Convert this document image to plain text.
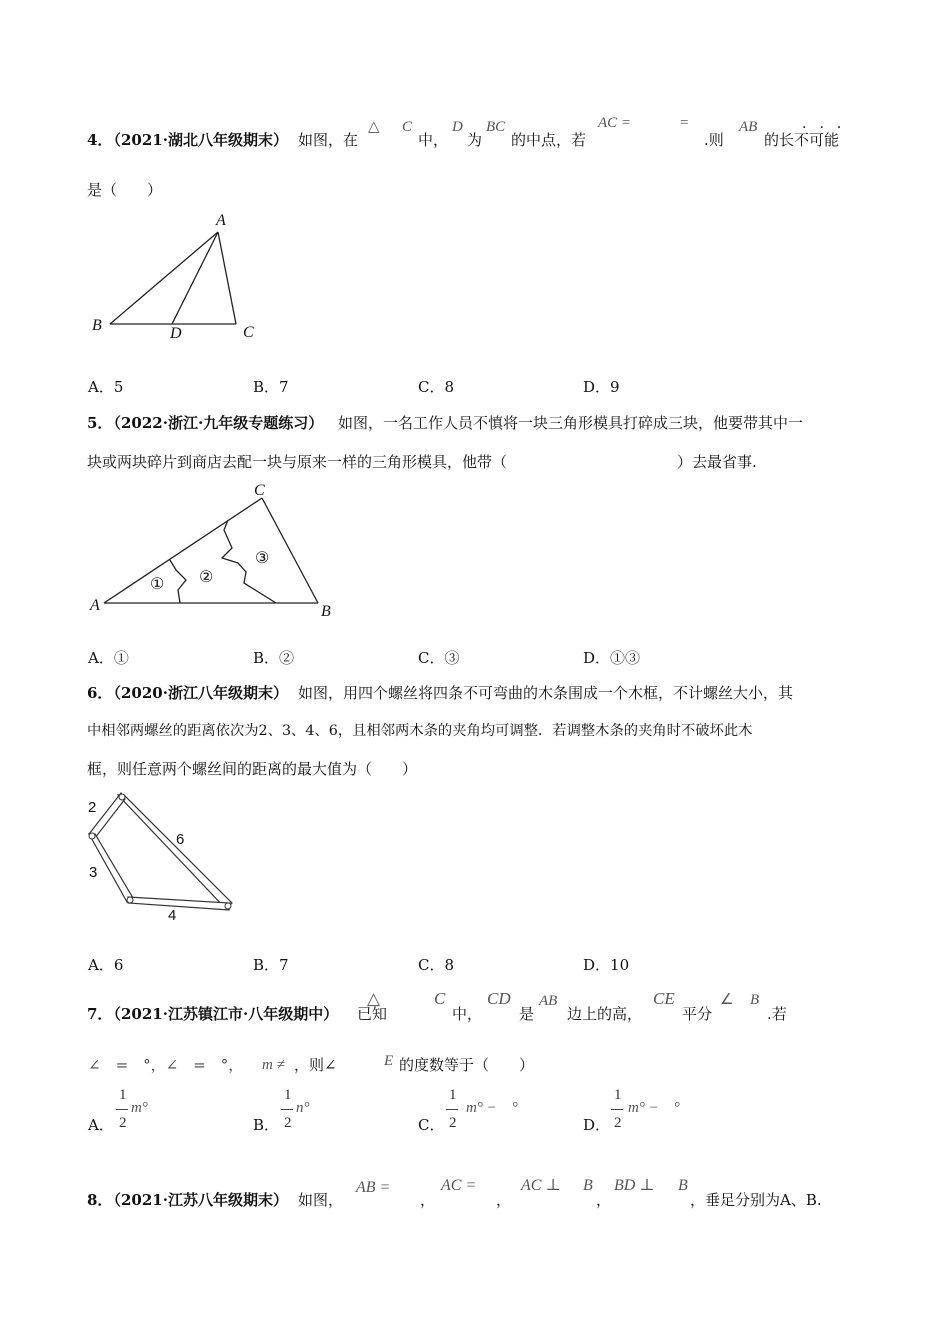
4．
（2021·湖北八年级期末） 如图，在
△ C
中，
D
为
BC
的中点，若
AC =	=
.则
AB
的长不可能
···
是（　　）
A
B	D	C
A．5	B．7	C．8	D．9
5．
（2022·浙江·九年级专题练习） 如图，一名工作人员不慎将一块三角形模具打碎成三块，他要带其中一
块或两块碎片到商店去配一块与原来一样的三角形模具，他带（	）去最省事.
C
A	B
① ②
③
A．①	B．②	C．③	D．①③
6．
（2020·浙江八年级期末） 如图，用四个螺丝将四条不可弯曲的木条围成一个木框，不计螺丝大小，其
中相邻两螺丝的距离依次为2、3、4、6，且相邻两木条的夹角均可调整．若调整木条的夹角时不破坏此木
框，则任意两个螺丝间的距离的最大值为（　　）
2
3
4
6
A．6	B．7	C．8	D．10
7．
（2021·江苏镇江市·八年级期中） 已知
△	C
中，
CD
是
AB
边上的高，
CE
平分
∠ B
.若
∠　=　°，∠　=　°， m ≠ ，则∠	E 的度数等于（　　）
A．
1
2
m°
B．
1
2
n°
C．
1
2
m° −　°
D．
1
2
m° −　°
8．
（2021·江苏八年级期末） 如图，
AB =
，
AC =
，
AC ⊥ B
，
BD ⊥ B
，垂足分别为A、B.
